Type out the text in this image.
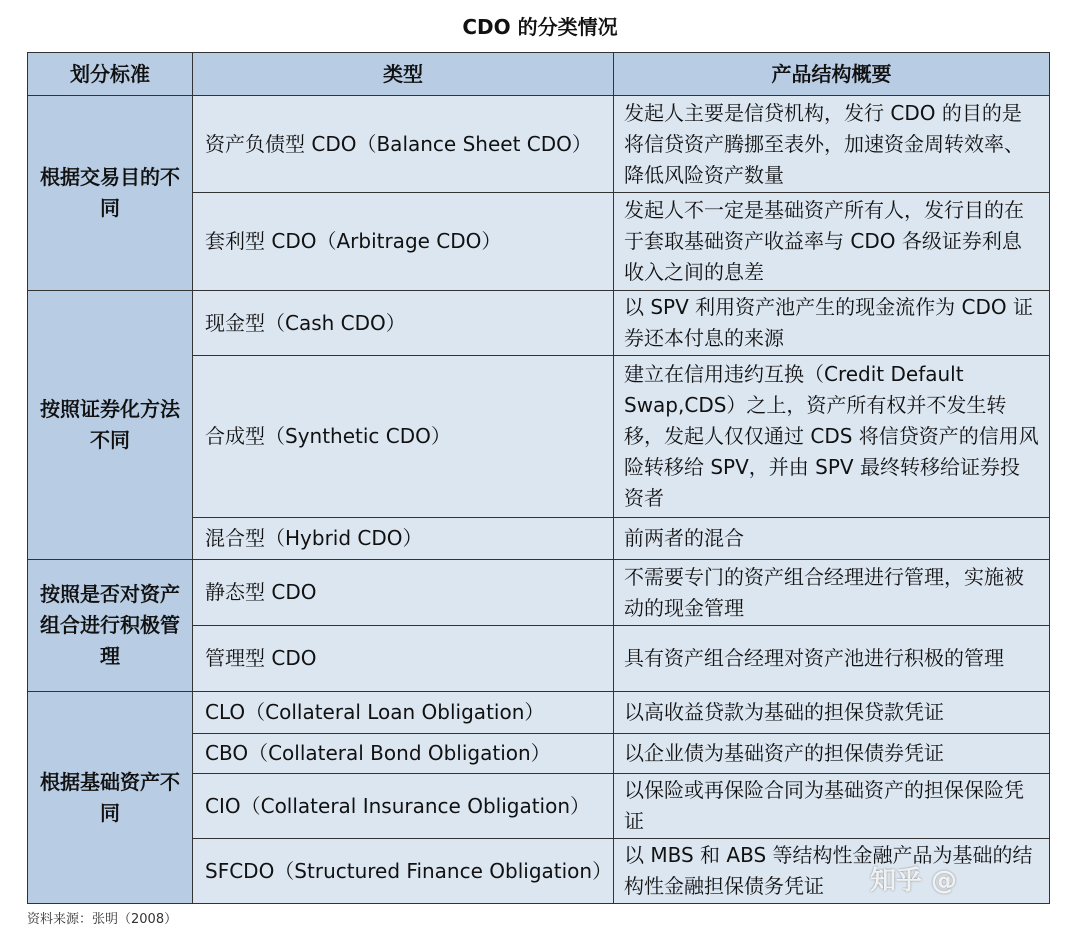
CDO 的分类情况
划分标准	类型	产品结构概要
根据交易目的不同	资产负债型 CDO（Balance Sheet CDO）	发起人主要是信贷机构，发行 CDO 的目的是将信贷资产腾挪至表外，加速资金周转效率、降低风险资产数量
	套利型 CDO（Arbitrage CDO）	发起人不一定是基础资产所有人，发行目的在于套取基础资产收益率与 CDO 各级证券利息收入之间的息差
按照证券化方法不同	现金型（Cash CDO）	以 SPV 利用资产池产生的现金流作为 CDO 证券还本付息的来源
	合成型（Synthetic CDO）	建立在信用违约互换（Credit Default Swap,CDS）之上，资产所有权并不发生转移，发起人仅仅通过 CDS 将信贷资产的信用风险转移给 SPV，并由 SPV 最终转移给证券投资者
	混合型（Hybrid CDO）	前两者的混合
按照是否对资产组合进行积极管理	静态型 CDO	不需要专门的资产组合经理进行管理，实施被动的现金管理
	管理型 CDO	具有资产组合经理对资产池进行积极的管理
根据基础资产不同	CLO（Collateral Loan Obligation）	以高收益贷款为基础的担保贷款凭证
	CBO（Collateral Bond Obligation）	以企业债为基础资产的担保债券凭证
	CIO（Collateral Insurance Obligation）	以保险或再保险合同为基础资产的担保保险凭证
	SFCDO（Structured Finance Obligation）	以 MBS 和 ABS 等结构性金融产品为基础的结构性金融担保债务凭证
资料来源：张明（2008）
知乎 @
